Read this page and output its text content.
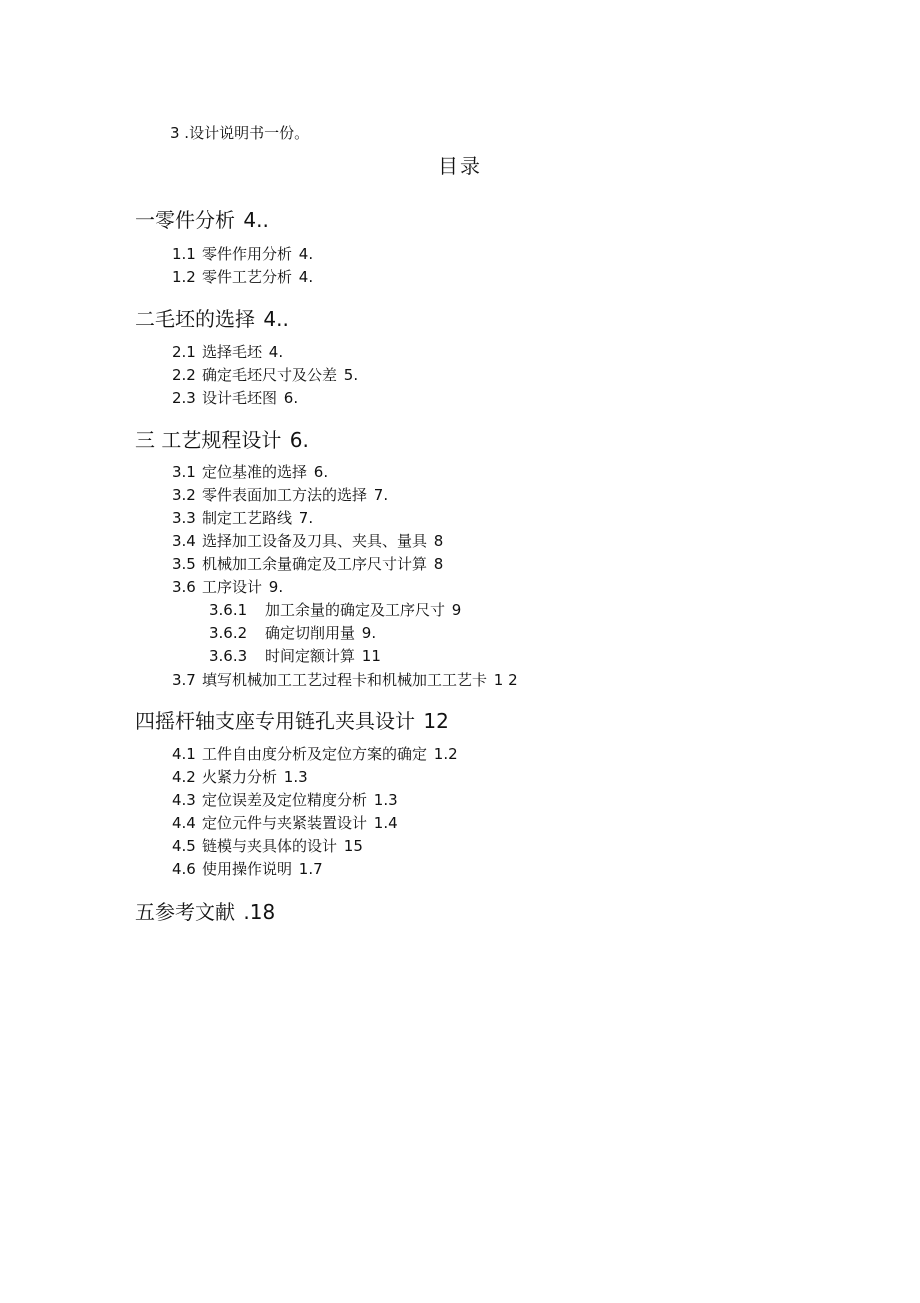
3 .设计说明书一份。
目录
一零件分析 4..
1.1零件作用分析 4.
1.2零件工艺分析 4.
二毛坯的选择 4..
2.1选择毛坯 4.
2.2确定毛坯尺寸及公差 5.
2.3设计毛坯图 6.
三 工艺规程设计 6.
3.1定位基准的选择 6.
3.2零件表面加工方法的选择 7.
3.3制定工艺路线 7.
3.4选择加工设备及刀具、夹具、量具 8
3.5机械加工余量确定及工序尺寸计算 8
3.6工序设计 9.
3.6.1加工余量的确定及工序尺寸 9
3.6.2确定切削用量 9.
3.6.3时间定额计算 11
3.7填写机械加工工艺过程卡和机械加工工艺卡 1 2
四摇杆轴支座专用链孔夹具设计 12
4.1工件自由度分析及定位方案的确定 1.2
4.2火紧力分析 1.3
4.3定位误差及定位精度分析 1.3
4.4定位元件与夹紧装置设计 1.4
4.5链模与夹具体的设计 15
4.6使用操作说明 1.7
五参考文献 .18
